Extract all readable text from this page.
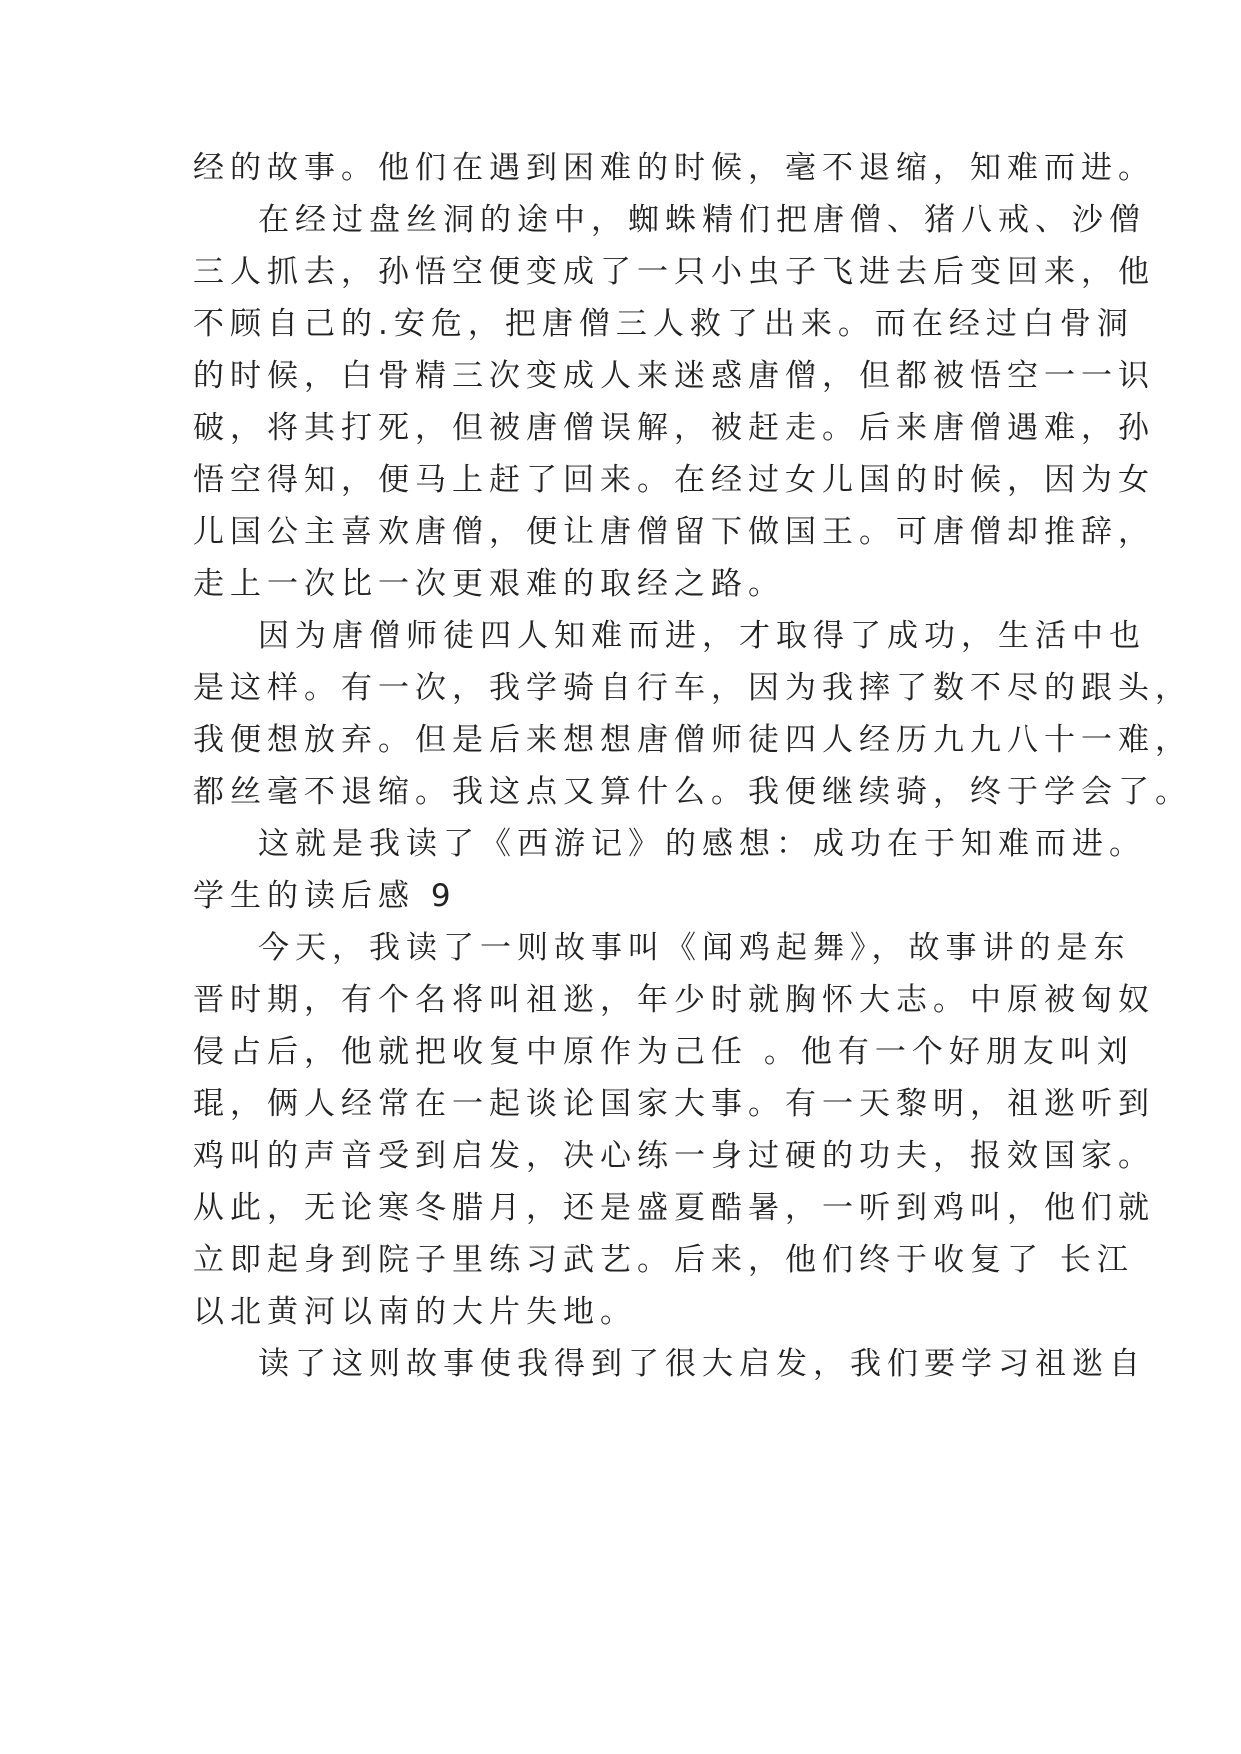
经的故事。他们在遇到困难的时候，毫不退缩，知难而进。

在经过盘丝洞的途中，蜘蛛精们把唐僧、猪八戒、沙僧

三人抓去，孙悟空便变成了一只小虫子飞进去后变回来，他

不顾自己的.安危，把唐僧三人救了出来。而在经过白骨洞

的时候，白骨精三次变成人来迷惑唐僧，但都被悟空一一识

破，将其打死，但被唐僧误解，被赶走。后来唐僧遇难，孙

悟空得知，便马上赶了回来。在经过女儿国的时候，因为女

儿国公主喜欢唐僧，便让唐僧留下做国王。可唐僧却推辞，

走上一次比一次更艰难的取经之路。

因为唐僧师徒四人知难而进，才取得了成功，生活中也

是这样。有一次，我学骑自行车，因为我摔了数不尽的跟头，

我便想放弃。但是后来想想唐僧师徒四人经历九九八十一难，

都丝毫不退缩。我这点又算什么。我便继续骑，终于学会了。

这就是我读了《西游记》的感想：成功在于知难而进。

学生的读后感 9

今天，我读了一则故事叫《闻鸡起舞》，故事讲的是东

晋时期，有个名将叫祖逖，年少时就胸怀大志。中原被匈奴

侵占后，他就把收复中原作为己任 。他有一个好朋友叫刘

琨，俩人经常在一起谈论国家大事。有一天黎明，祖逖听到

鸡叫的声音受到启发，决心练一身过硬的功夫，报效国家。

从此，无论寒冬腊月，还是盛夏酷暑，一听到鸡叫，他们就

立即起身到院子里练习武艺。后来，他们终于收复了 长江

以北黄河以南的大片失地。

读了这则故事使我得到了很大启发，我们要学习祖逖自
